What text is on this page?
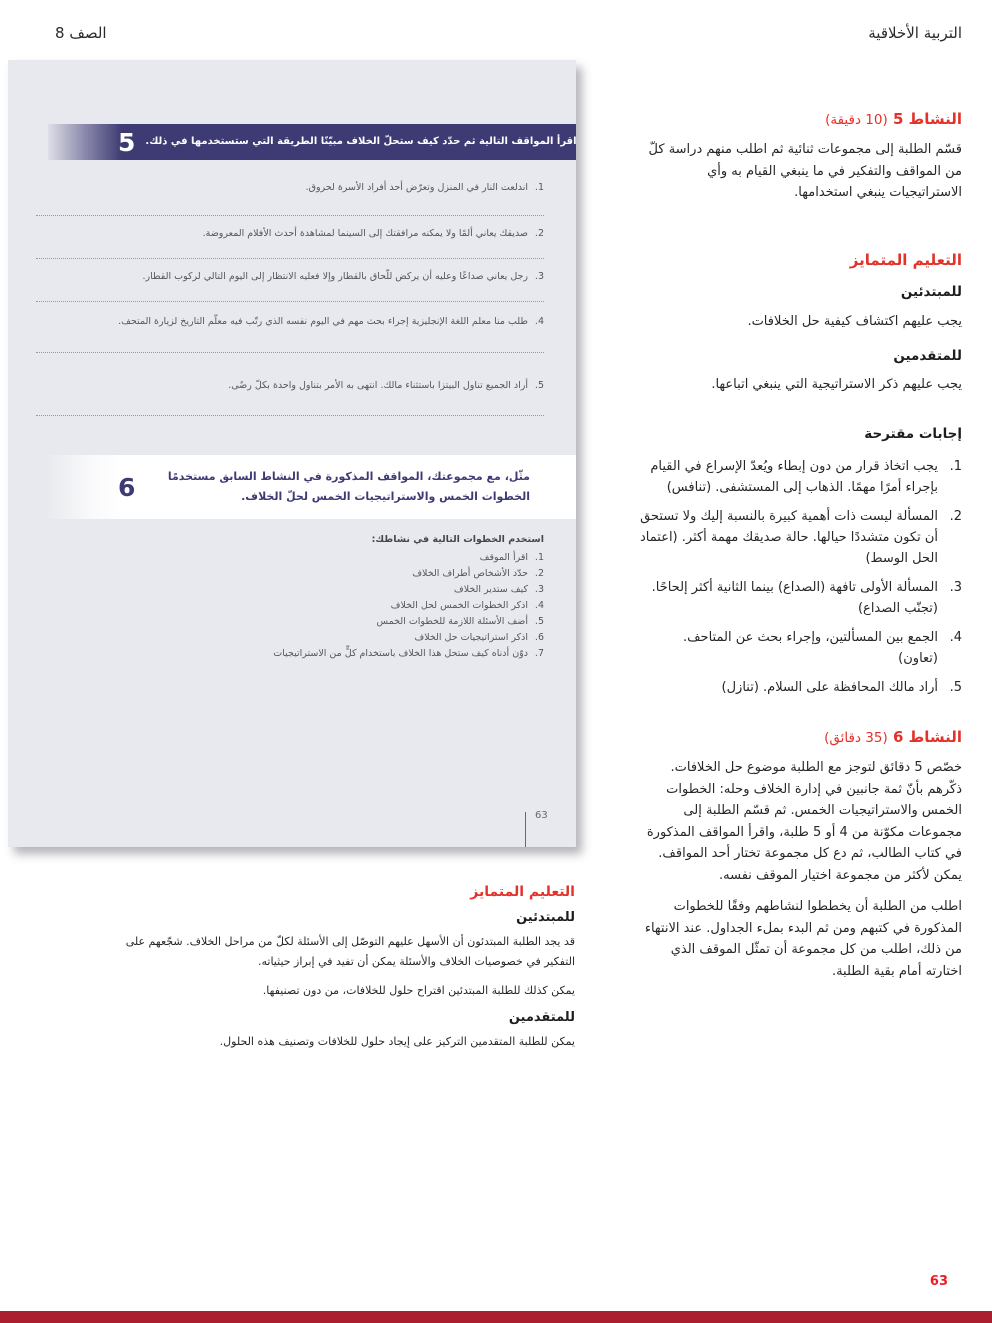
التربية الأخلاقية
الصف 8
5	اقرأ المواقف التالية ثم حدّد كيف ستحلّ الخلاف مبيّنًا الطريقة التي ستستخدمها في ذلك.
1.
اندلعت النار في المنزل وتعرّض أحد أفراد الأسرة لحروق.
2.
صديقك يعاني ألمًا ولا يمكنه مرافقتك إلى السينما لمشاهدة أحدث الأفلام المعروضة.
3.
رجل يعاني صداعًا وعليه أن يركض للّحاق بالقطار وإلا فعليه الانتظار إلى اليوم التالي لركوب القطار.
4.
طلب منا معلم اللغة الإنجليزية إجراء بحث مهم في اليوم نفسه الذي رتّب فيه معلّم التاريخ لزيارة المتحف.
5.
أراد الجميع تناول البيتزا باستثناء مالك. انتهى به الأمر بتناول واحدة بكلّ رضًى.
6	مثّل، مع مجموعتك، المواقف المذكورة في النشاط السابق مستخدمًا الخطوات الخمس والاستراتيجيات الخمس لحلّ الخلاف.
استخدم الخطوات التالية في نشاطك:
1.
اقرأ الموقف
2.
حدّد الأشخاص أطراف الخلاف
3.
كيف ستدير الخلاف
4.
اذكر الخطوات الخمس لحل الخلاف
5.
أضف الأسئلة اللازمة للخطوات الخمس
6.
اذكر استراتيجيات حل الخلاف
7.
دوّن أدناه كيف ستحل هذا الخلاف باستخدام كلٍّ من الاستراتيجيات
63
النشاط 5 (10 دقيقة)
قسّم الطلبة إلى مجموعات ثنائية ثم اطلب منهم دراسة كلّ من المواقف والتفكير في ما ينبغي القيام به وأي الاستراتيجيات ينبغي استخدامها.
التعليم المتمايز
للمبتدئين
يجب عليهم اكتشاف كيفية حل الخلافات.
للمتقدمين
يجب عليهم ذكر الاستراتيجية التي ينبغي اتباعها.
إجابات مقترحة
1.
يجب اتخاذ قرار من دون إبطاء ويُعدّ الإسراع في القيام بإجراء أمرًا مهمًا. الذهاب إلى المستشفى. (تنافس)
2.
المسألة ليست ذات أهمية كبيرة بالنسبة إليك ولا تستحق أن تكون متشددًا حيالها. حالة صديقك مهمة أكثر. (اعتماد الحل الوسط)
3.
المسألة الأولى تافهة (الصداع) بينما الثانية أكثر إلحاحًا. (تجنّب الصداع)
4.
الجمع بين المسألتين، وإجراء بحث عن المتاحف. (تعاون)
5.
أراد مالك المحافظة على السلام. (تنازل)
النشاط 6 (35 دقائق)
خصّص 5 دقائق لتوجز مع الطلبة موضوع حل الخلافات. ذكّرهم بأنّ ثمة جانبين في إدارة الخلاف وحله: الخطوات الخمس والاستراتيجيات الخمس. ثم قسّم الطلبة إلى مجموعات مكوّنة من 4 أو 5 طلبة، واقرأ المواقف المذكورة في كتاب الطالب، ثم دع كل مجموعة تختار أحد المواقف. يمكن لأكثر من مجموعة اختيار الموقف نفسه.
اطلب من الطلبة أن يخططوا لنشاطهم وفقًا للخطوات المذكورة في كتبهم ومن ثم البدء بملء الجداول. عند الانتهاء من ذلك، اطلب من كل مجموعة أن تمثّل الموقف الذي اختارته أمام بقية الطلبة.
التعليم المتمايز
للمبتدئين

قد يجد الطلبة المبتدئون أن الأسهل عليهم التوصّل إلى الأسئلة لكلّ من مراحل الخلاف. شجّعهم على التفكير في خصوصيات الخلاف والأسئلة يمكن أن تفيد في إبراز حيثياته.

يمكن كذلك للطلبة المبتدئين اقتراح حلول للخلافات، من دون تصنيفها.

للمتقدمين

يمكن للطلبة المتقدمين التركيز على إيجاد حلول للخلافات وتصنيف هذه الحلول.

63
